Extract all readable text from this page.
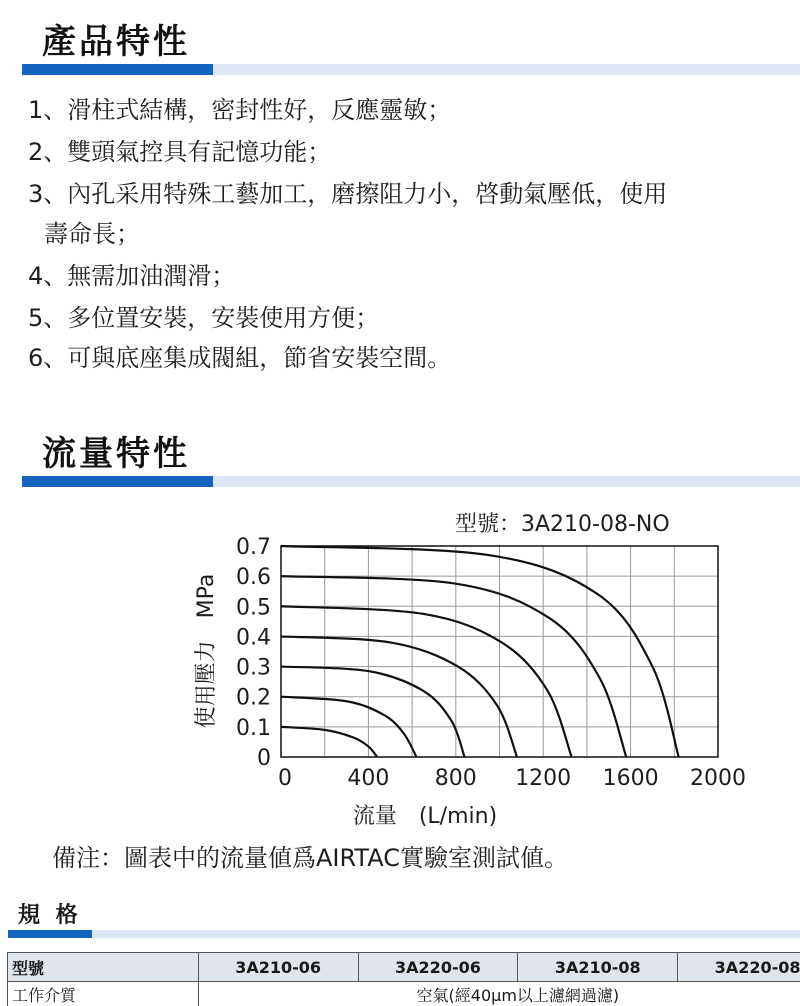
產品特性
1、滑柱式結構，密封性好，反應靈敏；
2、雙頭氣控具有記憶功能；
3、內孔采用特殊工藝加工，磨擦阻力小，啓動氣壓低，使用
壽命長；
4、無需加油潤滑；
5、多位置安裝，安裝使用方便；
6、可與底座集成閥組，節省安裝空間。
流量特性
型號：3A210-08-NO
0
0.1
0.2
0.3
0.4
0.5
0.6
0.7
0	400 800 1200 1600 2000
使用壓力　MPa
流量　(L/min)
備注：圖表中的流量値爲AIRTAC實驗室測試値。
規 格
型號	3A210-06	3A220-06	3A210-08	3A220-08
工作介質	空氣(經40μm以上濾網過濾)			
